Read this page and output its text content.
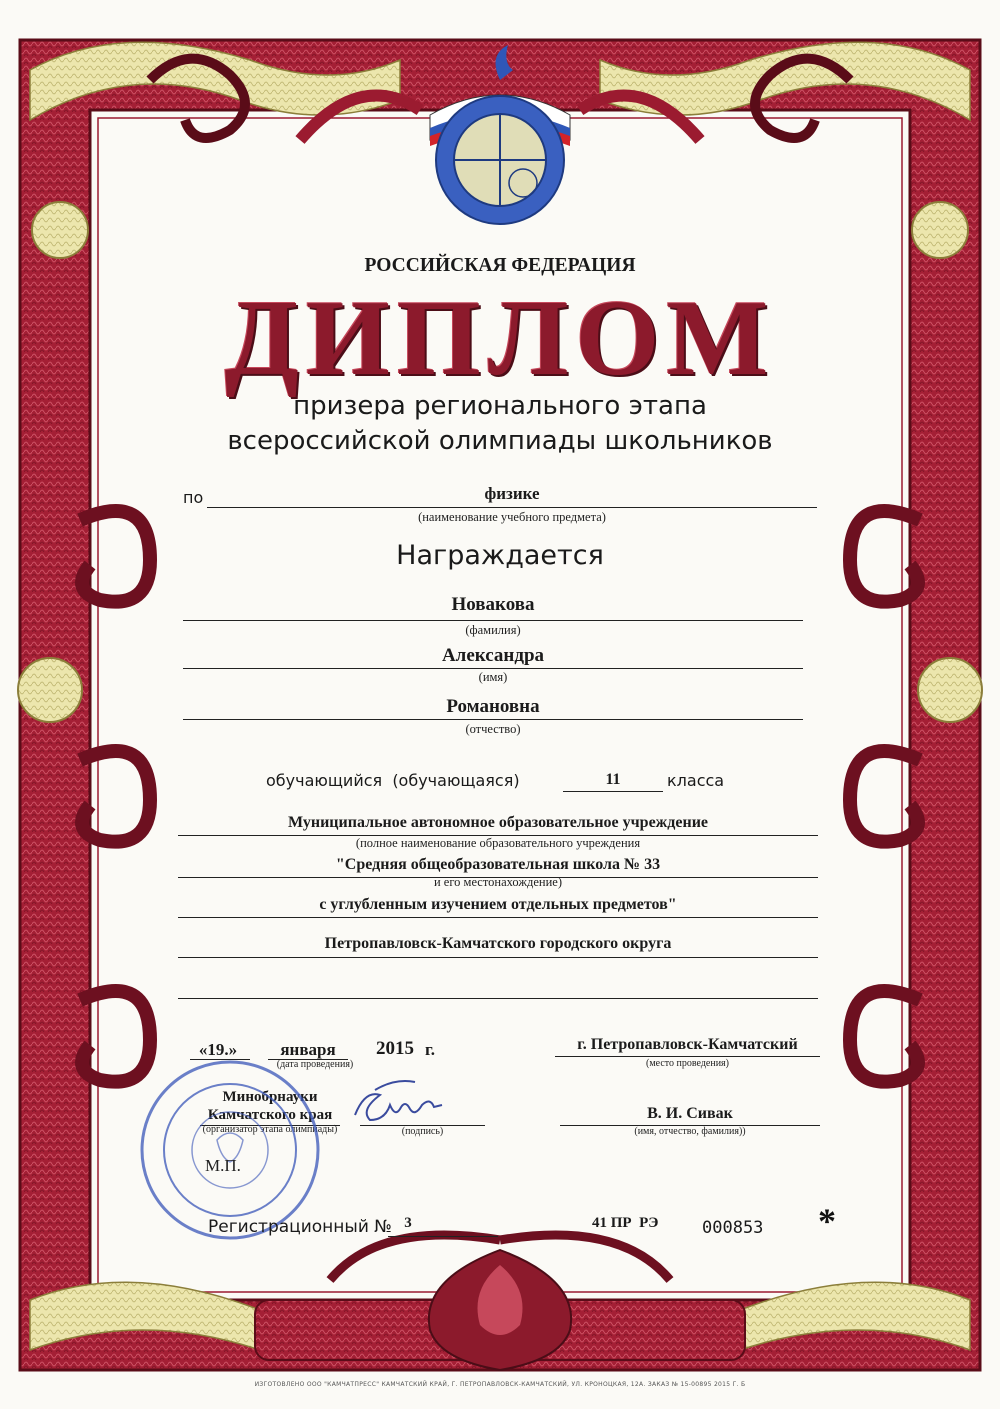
РОССИЙСКАЯ ФЕДЕРАЦИЯ
ДИПЛОМ
призера регионального этапа
всероссийской олимпиады школьников
по	физике
(наименование учебного предмета)
Награждается
Новакова
(фамилия)
Александра
(имя)
Романовна
(отчество)
обучающийся  (обучающаяся)	11	класса
Муниципальное автономное образовательное учреждение
(полное наименование образовательного учреждения
"Средняя общеобразовательная школа № 33
и его местонахождение)
с углубленным изучением отдельных предметов"
Петропавловск-Камчатского городского округа
«19.»	января	2015 г.
(дата проведения)
г. Петропавловск-Камчатский
(место проведения)
Минобрнауки
Камчатского края
(организатор этапа олимпиады)	(подпись)
В. И. Сивак
(имя, отчество, фамилия))
М.П.
Регистрационный № 3	41 ПР  РЭ	000853 *
ИЗГОТОВЛЕНО ООО "КАМЧАТПРЕСС" КАМЧАТСКИЙ КРАЙ, Г. ПЕТРОПАВЛОВСК-КАМЧАТСКИЙ, УЛ. КРОНОЦКАЯ, 12А. ЗАКАЗ № 15-00895 2015 Г. Б
